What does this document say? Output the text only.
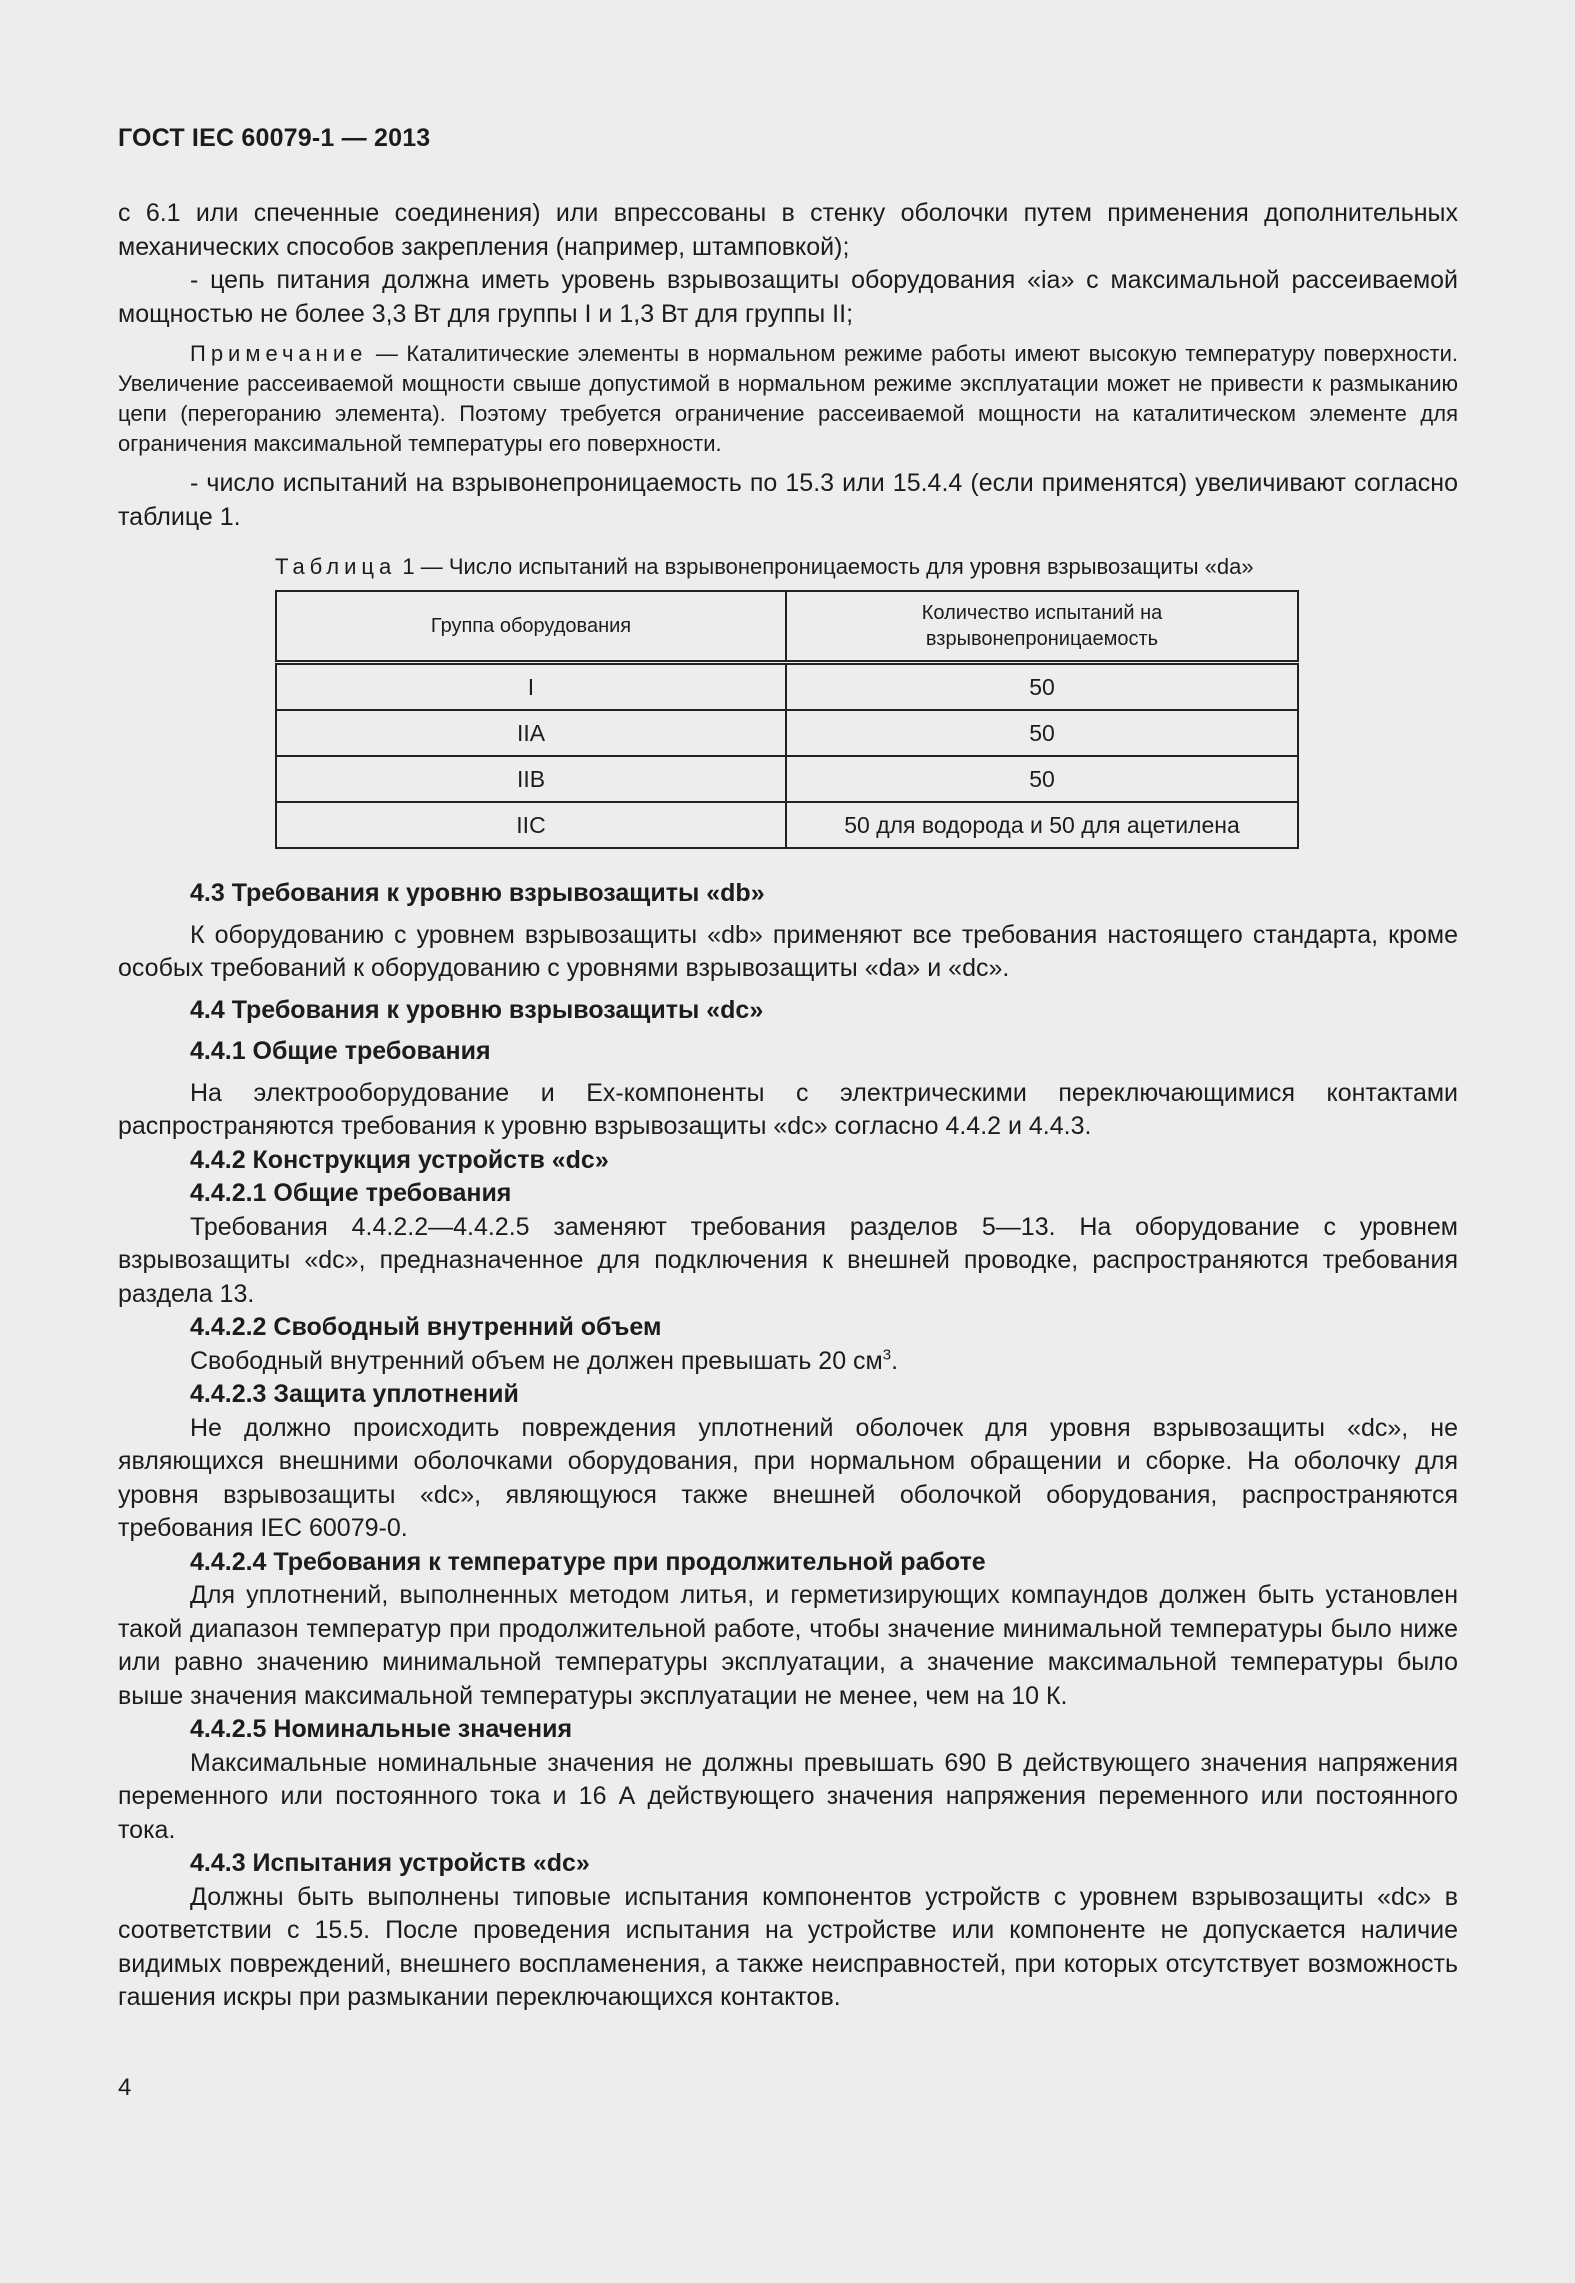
ГОСТ IEC 60079-1 — 2013

с 6.1 или спеченные соединения) или впрессованы в стенку оболочки путем применения дополнительных механических способов закрепления (например, штамповкой);

- цепь питания должна иметь уровень взрывозащиты оборудования «ia» с максимальной рассеиваемой мощностью не более 3,3 Вт для группы I и 1,3 Вт для группы II;

Примечание — Каталитические элементы в нормальном режиме работы имеют высокую температуру поверхности. Увеличение рассеиваемой мощности свыше допустимой в нормальном режиме эксплуатации может не привести к размыканию цепи (перегоранию элемента). Поэтому требуется ограничение рассеиваемой мощности на каталитическом элементе для ограничения максимальной температуры его поверхности.

- число испытаний на взрывонепроницаемость по 15.3 или 15.4.4 (если применятся) увеличивают согласно таблице 1.

Таблица 1 — Число испытаний на взрывонепроницаемость для уровня взрывозащиты «da»

Группа оборудования	Количество испытаний на взрывонепроницаемость
I	50
IIA	50
IIB	50
IIC	50 для водорода и 50 для ацетилена

4.3 Требования к уровню взрывозащиты «db»

К оборудованию с уровнем взрывозащиты «db» применяют все требования настоящего стандарта, кроме особых требований к оборудованию с уровнями взрывозащиты «da» и «dc».

4.4 Требования к уровню взрывозащиты «dc»

4.4.1 Общие требования

На электрооборудование и Ex-компоненты с электрическими переключающимися контактами распространяются требования к уровню взрывозащиты «dc» согласно 4.4.2 и 4.4.3.

4.4.2 Конструкция устройств «dc»

4.4.2.1 Общие требования

Требования 4.4.2.2—4.4.2.5 заменяют требования разделов 5—13. На оборудование с уровнем взрывозащиты «dc», предназначенное для подключения к внешней проводке, распространяются требования раздела 13.

4.4.2.2 Свободный внутренний объем

Свободный внутренний объем не должен превышать 20 $см^3$.

4.4.2.3 Защита уплотнений

Не должно происходить повреждения уплотнений оболочек для уровня взрывозащиты «dc», не являющихся внешними оболочками оборудования, при нормальном обращении и сборке. На оболочку для уровня взрывозащиты «dc», являющуюся также внешней оболочкой оборудования, распространяются требования IEC 60079-0.

4.4.2.4 Требования к температуре при продолжительной работе

Для уплотнений, выполненных методом литья, и герметизирующих компаундов должен быть установлен такой диапазон температур при продолжительной работе, чтобы значение минимальной температуры было ниже или равно значению минимальной температуры эксплуатации, а значение максимальной температуры было выше значения максимальной температуры эксплуатации не менее, чем на 10 К.

4.4.2.5 Номинальные значения

Максимальные номинальные значения не должны превышать 690 В действующего значения напряжения переменного или постоянного тока и 16 А действующего значения напряжения переменного или постоянного тока.

4.4.3 Испытания устройств «dc»

Должны быть выполнены типовые испытания компонентов устройств с уровнем взрывозащиты «dc» в соответствии с 15.5. После проведения испытания на устройстве или компоненте не допускается наличие видимых повреждений, внешнего воспламенения, а также неисправностей, при которых отсутствует возможность гашения искры при размыкании переключающихся контактов.

4
